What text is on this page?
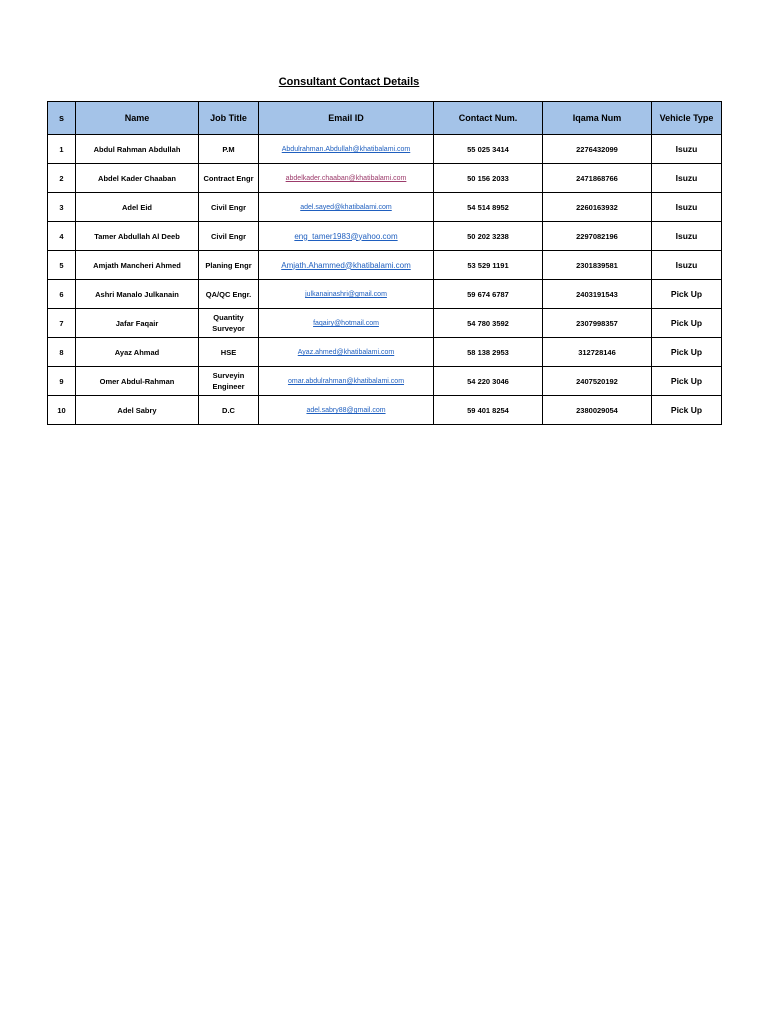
Consultant Contact Details
s	Name	Job Title	Email ID	Contact Num.	Iqama Num	Vehicle Type
1	Abdul Rahman Abdullah	P.M	Abdulrahman.Abdullah@khatibalami.com	55 025 3414	2276432099	Isuzu
2	Abdel Kader Chaaban	Contract Engr	abdelkader.chaaban@khatibalami.com	50 156 2033	2471868766	Isuzu
3	Adel Eid	Civil Engr	adel.sayed@khatibalami.com	54 514 8952	2260163932	Isuzu
4	Tamer Abdullah Al Deeb	Civil Engr	eng_tamer1983@yahoo.com	50 202 3238	2297082196	Isuzu
5	Amjath Mancheri Ahmed	Planing Engr	Amjath.Ahammed@khatibalami.com	53 529 1191	2301839581	Isuzu
6	Ashri Manalo Julkanain	QA/QC Engr.	julkanainashri@gmail.com	59 674 6787	2403191543	Pick Up
7	Jafar Faqair	Quantity Surveyor	faqairy@hotmail.com	54 780 3592	2307998357	Pick Up
8	Ayaz Ahmad	HSE	Ayaz.ahmed@khatibalami.com	58 138 2953	312728146	Pick Up
9	Omer Abdul-Rahman	Surveyin Engineer	omar.abdulrahman@khatibalami.com	54 220 3046	2407520192	Pick Up
10	Adel Sabry	D.C	adel.sabry88@gmail.com	59 401 8254	2380029054	Pick Up
